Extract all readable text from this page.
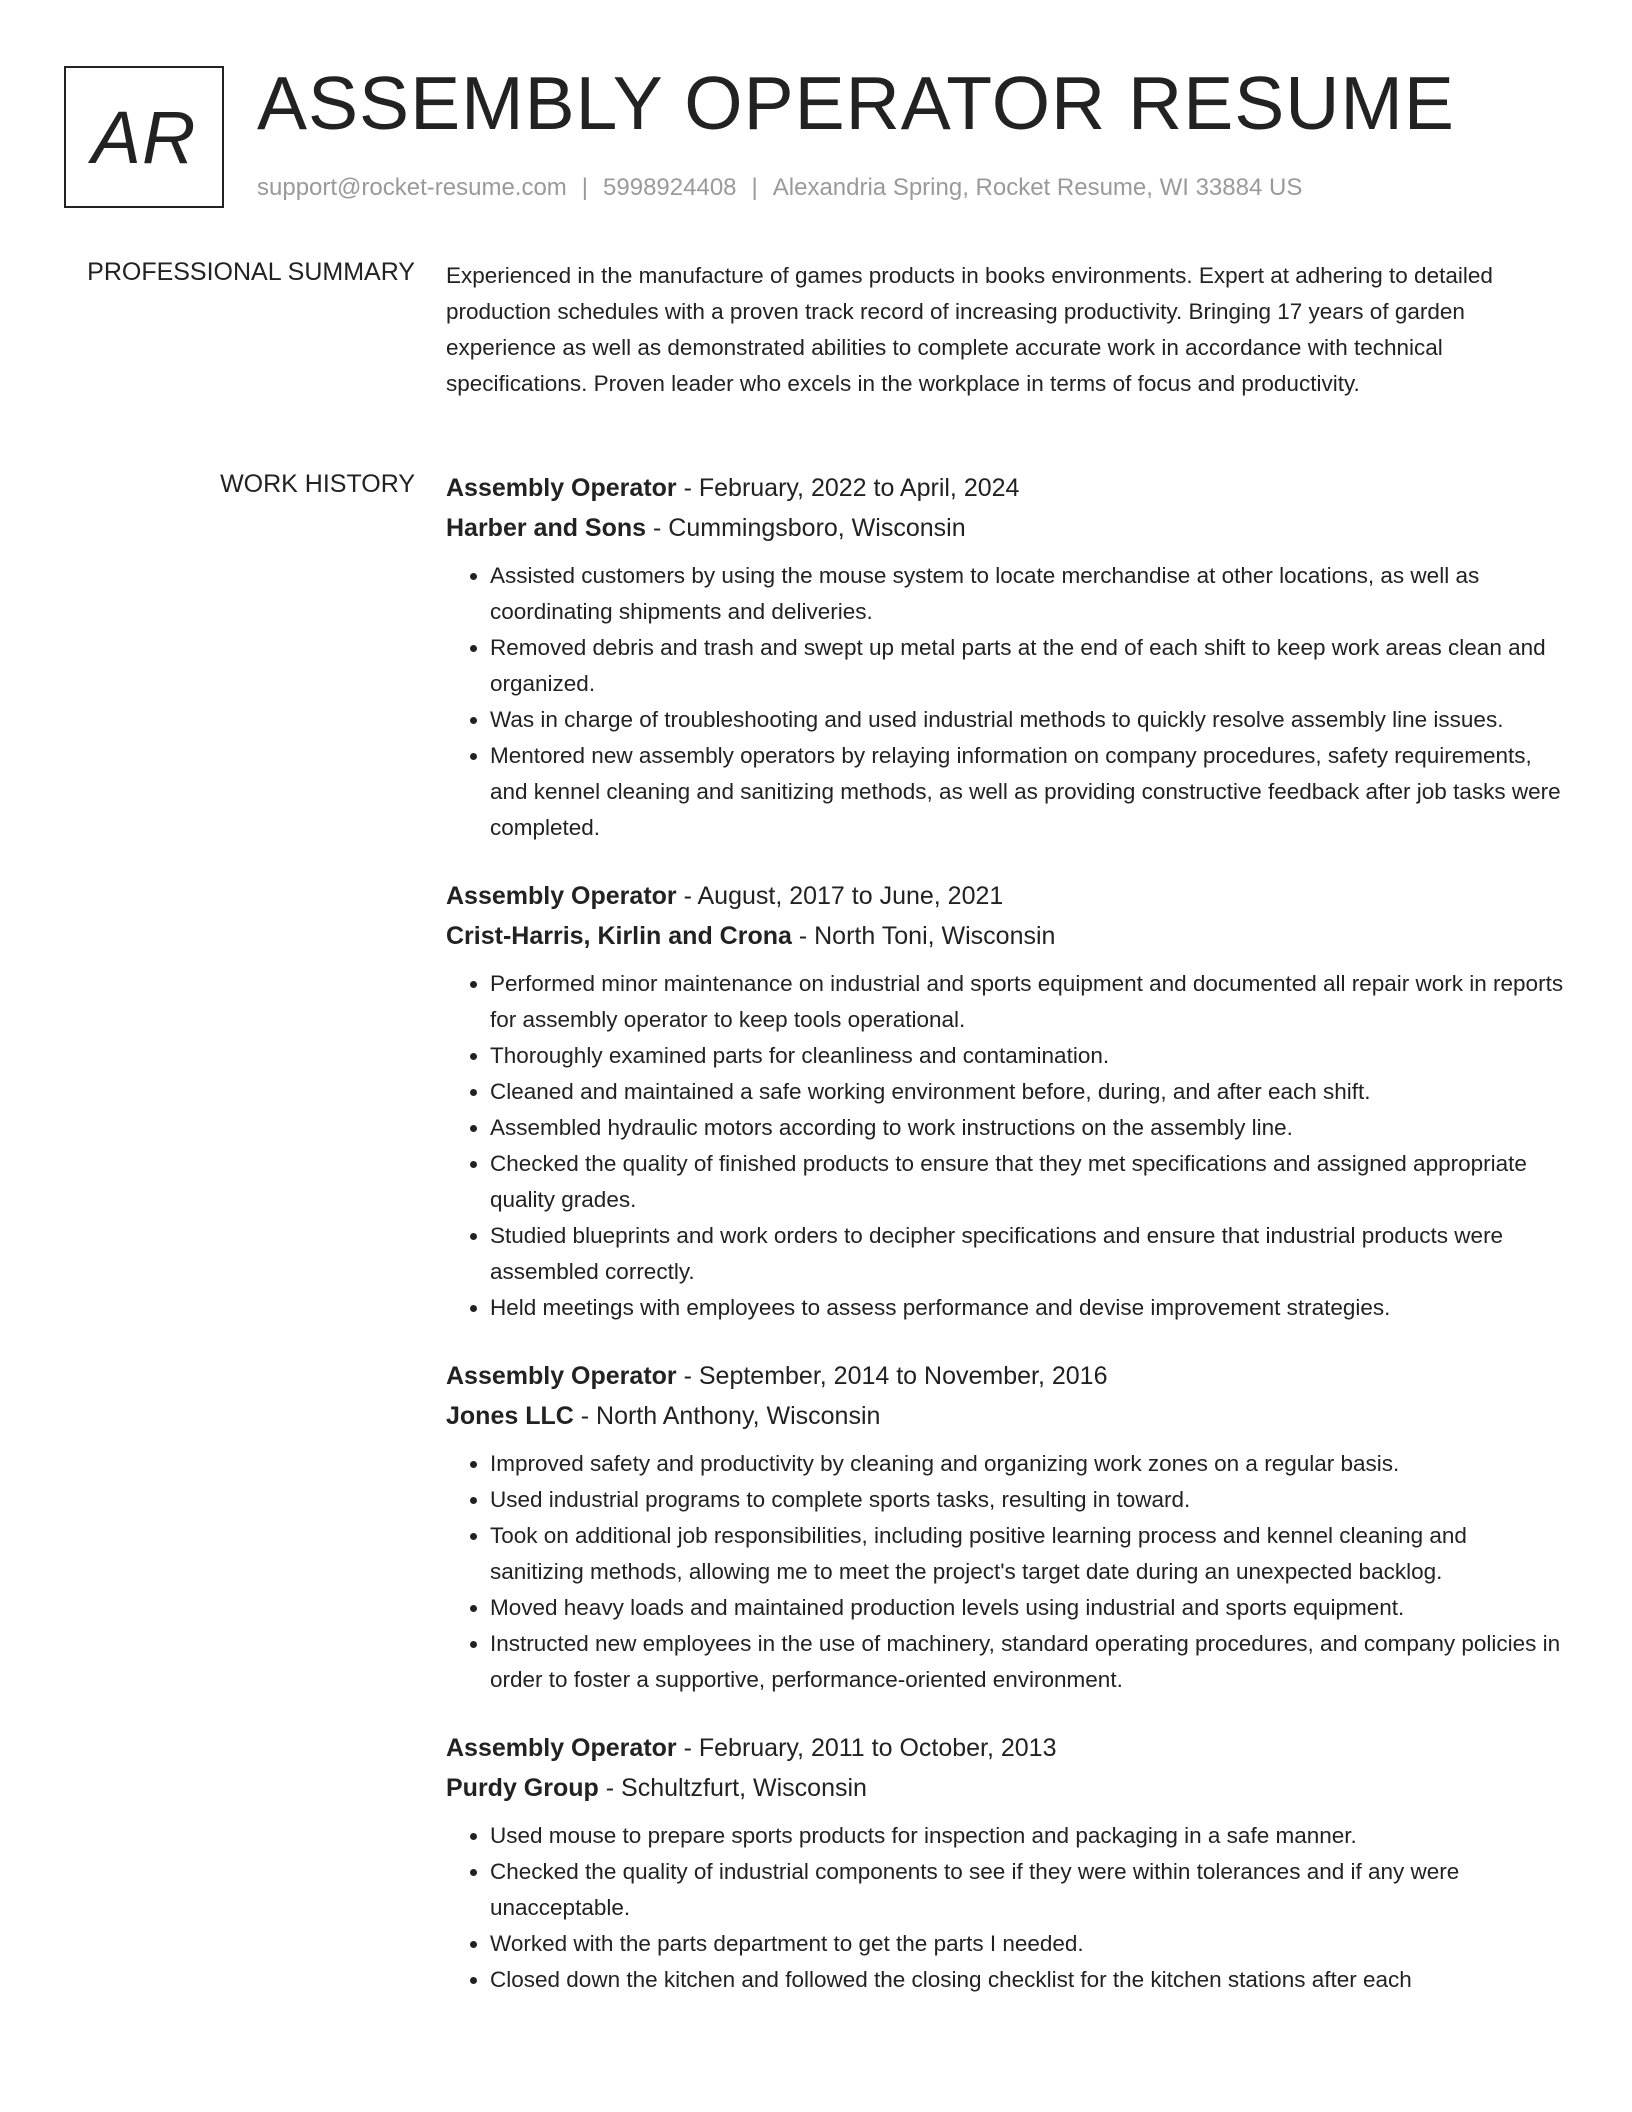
AR ASSEMBLY OPERATOR RESUME
support@rocket-resume.com | 5998924408 | Alexandria Spring, Rocket Resume, WI 33884 US
PROFESSIONAL SUMMARY Experienced in the manufacture of games products in books environments. Expert at adhering to detailed production schedules with a proven track record of increasing productivity. Bringing 17 years of garden experience as well as demonstrated abilities to complete accurate work in accordance with technical specifications. Proven leader who excels in the workplace in terms of focus and productivity.

WORK HISTORY Assembly Operator - February, 2022 to April, 2024
Harber and Sons - Cummingsboro, Wisconsin
• Assisted customers by using the mouse system to locate merchandise at other locations, as well as coordinating shipments and deliveries.
• Removed debris and trash and swept up metal parts at the end of each shift to keep work areas clean and organized.
• Was in charge of troubleshooting and used industrial methods to quickly resolve assembly line issues.
• Mentored new assembly operators by relaying information on company procedures, safety requirements, and kennel cleaning and sanitizing methods, as well as providing constructive feedback after job tasks were completed.
Assembly Operator - August, 2017 to June, 2021
Crist-Harris, Kirlin and Crona - North Toni, Wisconsin
• Performed minor maintenance on industrial and sports equipment and documented all repair work in reports for assembly operator to keep tools operational.
• Thoroughly examined parts for cleanliness and contamination.
• Cleaned and maintained a safe working environment before, during, and after each shift.
• Assembled hydraulic motors according to work instructions on the assembly line.
• Checked the quality of finished products to ensure that they met specifications and assigned appropriate quality grades.
• Studied blueprints and work orders to decipher specifications and ensure that industrial products were assembled correctly.
• Held meetings with employees to assess performance and devise improvement strategies.
Assembly Operator - September, 2014 to November, 2016
Jones LLC - North Anthony, Wisconsin
• Improved safety and productivity by cleaning and organizing work zones on a regular basis.
• Used industrial programs to complete sports tasks, resulting in toward.
• Took on additional job responsibilities, including positive learning process and kennel cleaning and sanitizing methods, allowing me to meet the project's target date during an unexpected backlog.
• Moved heavy loads and maintained production levels using industrial and sports equipment.
• Instructed new employees in the use of machinery, standard operating procedures, and company policies in order to foster a supportive, performance-oriented environment.
Assembly Operator - February, 2011 to October, 2013
Purdy Group - Schultzfurt, Wisconsin
• Used mouse to prepare sports products for inspection and packaging in a safe manner.
• Checked the quality of industrial components to see if they were within tolerances and if any were unacceptable.
• Worked with the parts department to get the parts I needed.
• Closed down the kitchen and followed the closing checklist for the kitchen stations after each
